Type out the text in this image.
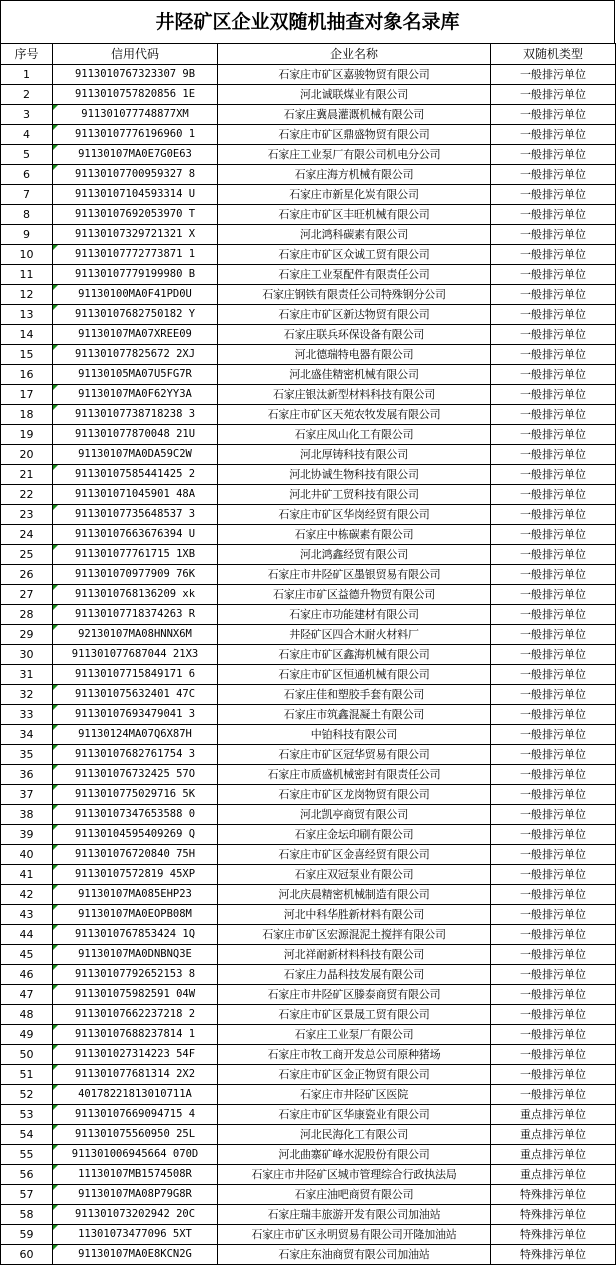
井陉矿区企业双随机抽查对象名录库
序号	信用代码	企业名称	双随机类型
1	9113010767323307 9B	石家庄市矿区嘉骏物贸有限公司	一般排污单位
2	9113010757820856 1E	河北诚联煤业有限公司	一般排污单位
3	911301077748877XM	石家庄冀晨灌溉机械有限公司	一般排污单位
4	91130107776196960 1	石家庄市矿区鼎盛物贸有限公司	一般排污单位
5	91130107MA0E7G0E63	石家庄工业泵厂有限公司机电分公司	一般排污单位
6	91130107700959327 8	石家庄海方机械有限公司	一般排污单位
7	91130107104593314 U	石家庄市新星化炭有限公司	一般排污单位
8	91130107692053970 T	石家庄市矿区丰旺机械有限公司	一般排污单位
9	91130107329721321 X	河北鸿科碳素有限公司	一般排污单位
10	91130107772773871 1	石家庄市矿区众诚工贸有限公司	一般排污单位
11	91130107779199980 B	石家庄工业泵配件有限责任公司	一般排污单位
12	91130100MA0F41PD0U	石家庄钢铁有限责任公司特殊钢分公司	一般排污单位
13	91130107682750182 Y	石家庄市矿区新达物贸有限公司	一般排污单位
14	91130107MA07XREE09	石家庄联兵环保设备有限公司	一般排污单位
15	911301077825672 2XJ	河北德瑞特电器有限公司	一般排污单位
16	91130105MA07U5FG7R	河北盛佳精密机械有限公司	一般排污单位
17	91130107MA0F62YY3A	石家庄银汰新型材料科技有限公司	一般排污单位
18	91130107738718238 3	石家庄市矿区天苑农牧发展有限公司	一般排污单位
19	911301077870048 21U	石家庄凤山化工有限公司	一般排污单位
20	91130107MA0DA59C2W	河北厚铸科技有限公司	一般排污单位
21	91130107585441425 2	河北协诚生物科技有限公司	一般排污单位
22	911301071045901 48A	河北井矿工贸科技有限公司	一般排污单位
23	91130107735648537 3	石家庄市矿区华岗经贸有限公司	一般排污单位
24	91130107663676394 U	石家庄中栋碳素有限公司	一般排污单位
25	911301077761715 1XB	河北鸿鑫经贸有限公司	一般排污单位
26	911301070977909 76K	石家庄市井陉矿区墨银贸易有限公司	一般排污单位
27	9113010768136209 xk	石家庄市矿区益德升物贸有限公司	一般排污单位
28	91130107718374263 R	石家庄市功能建材有限公司	一般排污单位
29	92130107MA08HNNX6M	井陉矿区四合木耐火材料厂	一般排污单位
30	911301077687044 21X3	石家庄市矿区鑫海机械有限公司	一般排污单位
31	91130107715849171 6	石家庄市矿区恒通机械有限公司	一般排污单位
32	911301075632401 47C	石家庄佳和塑胶手套有限公司	一般排污单位
33	91130107693479041 3	石家庄市筑鑫混凝土有限公司	一般排污单位
34	91130124MA07Q6X87H	中铂科技有限公司	一般排污单位
35	91130107682761754 3	石家庄市矿区冠华贸易有限公司	一般排污单位
36	911301076732425 57O	石家庄市质盛机械密封有限责任公司	一般排污单位
37	9113010775029716 5K	石家庄市矿区龙岗物贸有限公司	一般排污单位
38	91130107347653588 0	河北凯亭商贸有限公司	一般排污单位
39	91130104595409269 Q	石家庄金坛印刷有限公司	一般排污单位
40	911301076720840 75H	石家庄市矿区金喜经贸有限公司	一般排污单位
41	91130107572819 45XP	石家庄双冠泵业有限公司	一般排污单位
42	91130107MA085EHP23	河北庆晨精密机械制造有限公司	一般排污单位
43	91130107MA0EOPB08M	河北中科华胜新材料有限公司	一般排污单位
44	9113010767853424 1Q	石家庄市矿区宏源混泥土搅拌有限公司	一般排污单位
45	91130107MA0DNBNQ3E	河北祥耐新材料科技有限公司	一般排污单位
46	91130107792652153 8	石家庄力晶科技发展有限公司	一般排污单位
47	911301075982591 04W	石家庄市井陉矿区滕泰商贸有限公司	一般排污单位
48	91130107662237218 2	石家庄市矿区景晟工贸有限公司	一般排污单位
49	91130107688237814 1	石家庄工业泵厂有限公司	一般排污单位
50	911301027314223 54F	石家庄市牧工商开发总公司原种猪场	一般排污单位
51	911301077681314 2X2	石家庄市矿区金正物贸有限公司	一般排污单位
52	40178221813010711A	石家庄市井陉矿区医院	一般排污单位
53	91130107669094715 4	石家庄市矿区华康瓷业有限公司	重点排污单位
54	911301075560950 25L	河北民海化工有限公司	重点排污单位
55	911301006945664 070D	河北曲寨矿峰水泥股份有限公司	重点排污单位
56	11130107MB1574508R	石家庄市井陉矿区城市管理综合行政执法局	重点排污单位
57	91130107MA08P79G8R	石家庄油吧商贸有限公司	特殊排污单位
58	911301073202942 20C	石家庄瑞丰旅游开发有限公司加油站	特殊排污单位
59	11301073477096 5XT	石家庄市矿区永明贸易有限公司开隆加油站	特殊排污单位
60	91130107MA0E8KCN2G	石家庄东油商贸有限公司加油站	特殊排污单位
